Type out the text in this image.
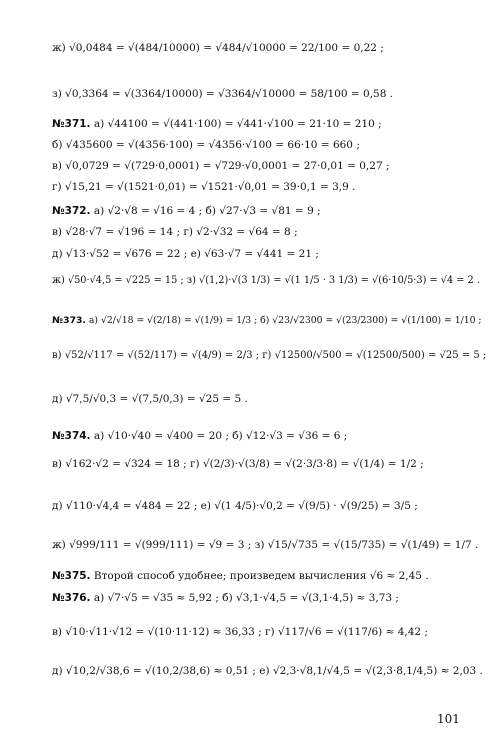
ж) √0,0484 = √(484/10000) = √484/√10000 = 22/100 = 0,22 ;
з) √0,3364 = √(3364/10000) = √3364/√10000 = 58/100 = 0,58 .
№371. а) √44100 = √(441·100) = √441·√100 = 21·10 = 210 ;
б) √435600 = √(4356·100) = √4356·√100 = 66·10 = 660 ;
в) √0,0729 = √(729·0,0001) = √729·√0,0001 = 27·0,01 = 0,27 ;
г) √15,21 = √(1521·0,01) = √1521·√0,01 = 39·0,1 = 3,9 .
№372. а) √2·√8 = √16 = 4 ; б) √27·√3 = √81 = 9 ;
в) √28·√7 = √196 = 14 ; г) √2·√32 = √64 = 8 ;
д) √13·√52 = √676 = 22 ; е) √63·√7 = √441 = 21 ;
ж) √50·√4,5 = √225 = 15 ; з) √(1,2)·√(3 1/3) = √(1 1/5 · 3 1/3) = √(6·10/5·3) = √4 = 2 .
№373. а) √2/√18 = √(2/18) = √(1/9) = 1/3 ; б) √23/√2300 = √(23/2300) = √(1/100) = 1/10 ;
в) √52/√117 = √(52/117) = √(4/9) = 2/3 ; г) √12500/√500 = √(12500/500) = √25 = 5 ;
д) √7,5/√0,3 = √(7,5/0,3) = √25 = 5 .
№374. а) √10·√40 = √400 = 20 ; б) √12·√3 = √36 = 6 ;
в) √162·√2 = √324 = 18 ; г) √(2/3)·√(3/8) = √(2·3/3·8) = √(1/4) = 1/2 ;
д) √110·√4,4 = √484 = 22 ; е) √(1 4/5)·√0,2 = √(9/5) · √(9/25) = 3/5 ;
ж) √999/111 = √(999/111) = √9 = 3 ; з) √15/√735 = √(15/735) = √(1/49) = 1/7 .
№375. Второй способ удобнее; произведем вычисления √6 ≈ 2,45 .
№376. а) √7·√5 = √35 ≈ 5,92 ; б) √3,1·√4,5 = √(3,1·4,5) ≈ 3,73 ;
в) √10·√11·√12 = √(10·11·12) ≈ 36,33 ; г) √117/√6 = √(117/6) ≈ 4,42 ;
д) √10,2/√38,6 = √(10,2/38,6) ≈ 0,51 ; е) √2,3·√8,1/√4,5 = √(2,3·8,1/4,5) ≈ 2,03 .
101
